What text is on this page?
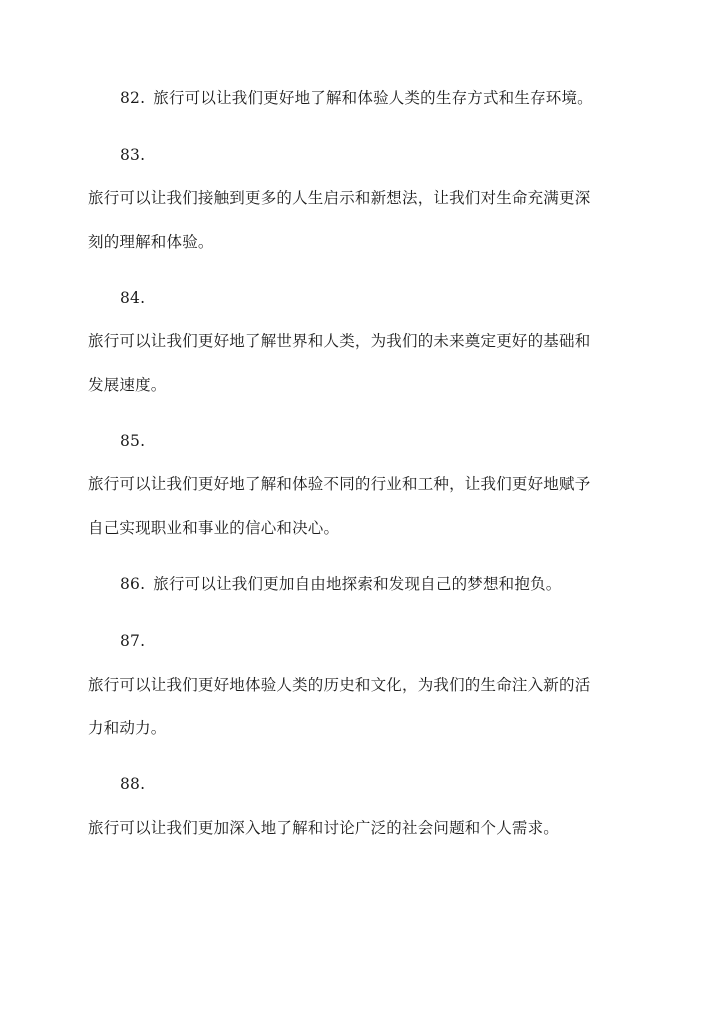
82. 旅行可以让我们更好地了解和体验人类的生存方式和生存环境。
83.
旅行可以让我们接触到更多的人生启示和新想法，让我们对生命充满更深
刻的理解和体验。
84.
旅行可以让我们更好地了解世界和人类，为我们的未来奠定更好的基础和
发展速度。
85.
旅行可以让我们更好地了解和体验不同的行业和工种，让我们更好地赋予
自己实现职业和事业的信心和决心。
86. 旅行可以让我们更加自由地探索和发现自己的梦想和抱负。
87.
旅行可以让我们更好地体验人类的历史和文化，为我们的生命注入新的活
力和动力。
88.
旅行可以让我们更加深入地了解和讨论广泛的社会问题和个人需求。
